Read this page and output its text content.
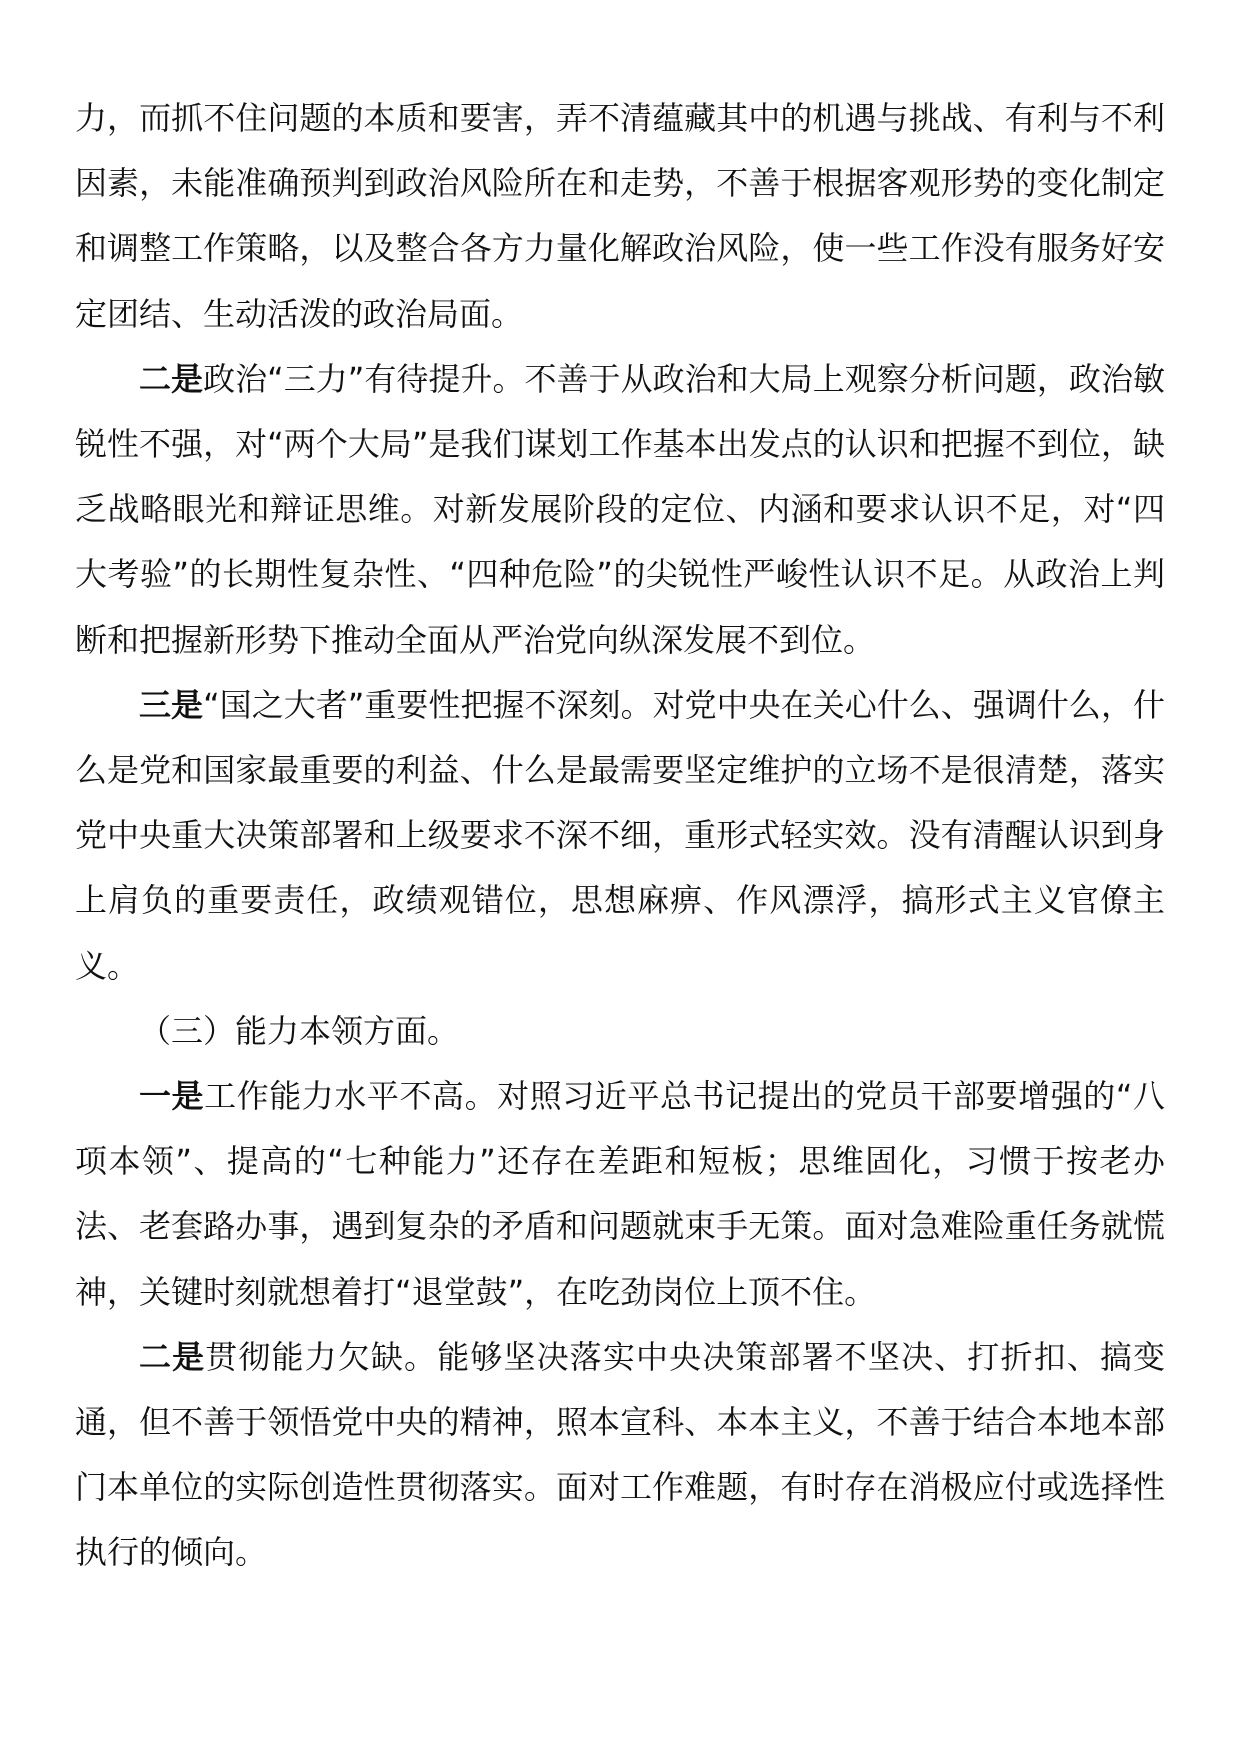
力，而抓不住问题的本质和要害，弄不清蕴藏其中的机遇与挑战、有利与不利因素，未能准确预判到政治风险所在和走势，不善于根据客观形势的变化制定和调整工作策略，以及整合各方力量化解政治风险，使一些工作没有服务好安定团结、生动活泼的政治局面。

二是政治“三力”有待提升。不善于从政治和大局上观察分析问题，政治敏锐性不强，对“两个大局”是我们谋划工作基本出发点的认识和把握不到位，缺乏战略眼光和辩证思维。对新发展阶段的定位、内涵和要求认识不足，对“四大考验”的长期性复杂性、“四种危险”的尖锐性严峻性认识不足。从政治上判断和把握新形势下推动全面从严治党向纵深发展不到位。

三是“国之大者”重要性把握不深刻。对党中央在关心什么、强调什么，什么是党和国家最重要的利益、什么是最需要坚定维护的立场不是很清楚，落实党中央重大决策部署和上级要求不深不细，重形式轻实效。没有清醒认识到身上肩负的重要责任，政绩观错位，思想麻痹、作风漂浮，搞形式主义官僚主义。

（三）能力本领方面。

一是工作能力水平不高。对照习近平总书记提出的党员干部要增强的“八项本领”、提高的“七种能力”还存在差距和短板；思维固化，习惯于按老办法、老套路办事，遇到复杂的矛盾和问题就束手无策。面对急难险重任务就慌神，关键时刻就想着打“退堂鼓”，在吃劲岗位上顶不住。

二是贯彻能力欠缺。能够坚决落实中央决策部署不坚决、打折扣、搞变通，但不善于领悟党中央的精神，照本宣科、本本主义，不善于结合本地本部门本单位的实际创造性贯彻落实。面对工作难题，有时存在消极应付或选择性执行的倾向。
